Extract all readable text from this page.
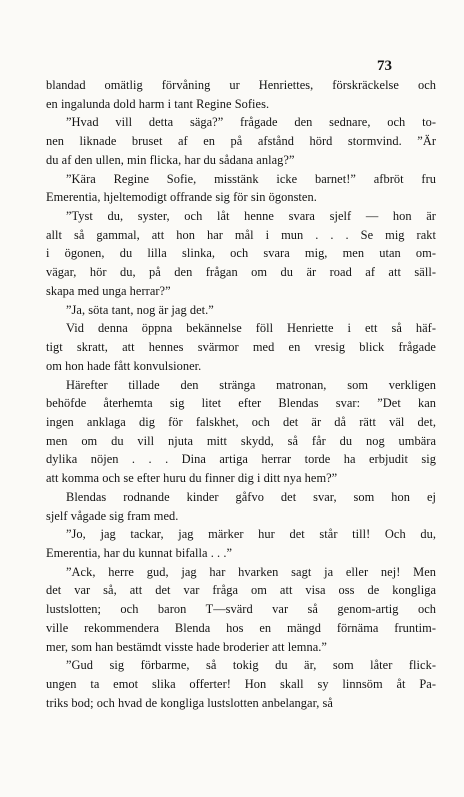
73
blandad omätlig förvåning ur Henriettes, förskräckelse och
en ingalunda dold harm i tant Regine Sofies.
”Hvad vill detta säga?” frågade den sednare, och to-
nen liknade bruset af en på afstånd hörd stormvind. ”Är
du af den ullen, min flicka, har du sådana anlag?”
”Kära Regine Sofie, misstänk icke barnet!” afbröt fru
Emerentia, hjeltemodigt offrande sig för sin ögonsten.
”Tyst du, syster, och låt henne svara sjelf — hon är
allt så gammal, att hon har mål i mun . . . Se mig rakt
i ögonen, du lilla slinka, och svara mig, men utan om-
vägar, hör du, på den frågan om du är road af att säll-
skapa med unga herrar?”
”Ja, söta tant, nog är jag det.”
Vid denna öppna bekännelse föll Henriette i ett så häf-
tigt skratt, att hennes svärmor med en vresig blick frågade
om hon hade fått konvulsioner.
Härefter tillade den stränga matronan, som verkligen
behöfde återhemta sig litet efter Blendas svar: ”Det kan
ingen anklaga dig för falskhet, och det är då rätt väl det,
men om du vill njuta mitt skydd, så får du nog umbära
dylika nöjen . . . Dina artiga herrar torde ha erbjudit sig
att komma och se efter huru du finner dig i ditt nya hem?”
Blendas rodnande kinder gåfvo det svar, som hon ej
sjelf vågade sig fram med.
”Jo, jag tackar, jag märker hur det står till! Och du,
Emerentia, har du kunnat bifalla . . .”
”Ack, herre gud, jag har hvarken sagt ja eller nej! Men
det var så, att det var fråga om att visa oss de kongliga
lustslotten; och baron T—svärd var så genom-artig och
ville rekommendera Blenda hos en mängd förnäma fruntim-
mer, som han bestämdt visste hade broderier att lemna.”
”Gud sig förbarme, så tokig du är, som låter flick-
ungen ta emot slika offerter! Hon skall sy linnsöm åt Pa-
triks bod; och hvad de kongliga lustslotten anbelangar, så
